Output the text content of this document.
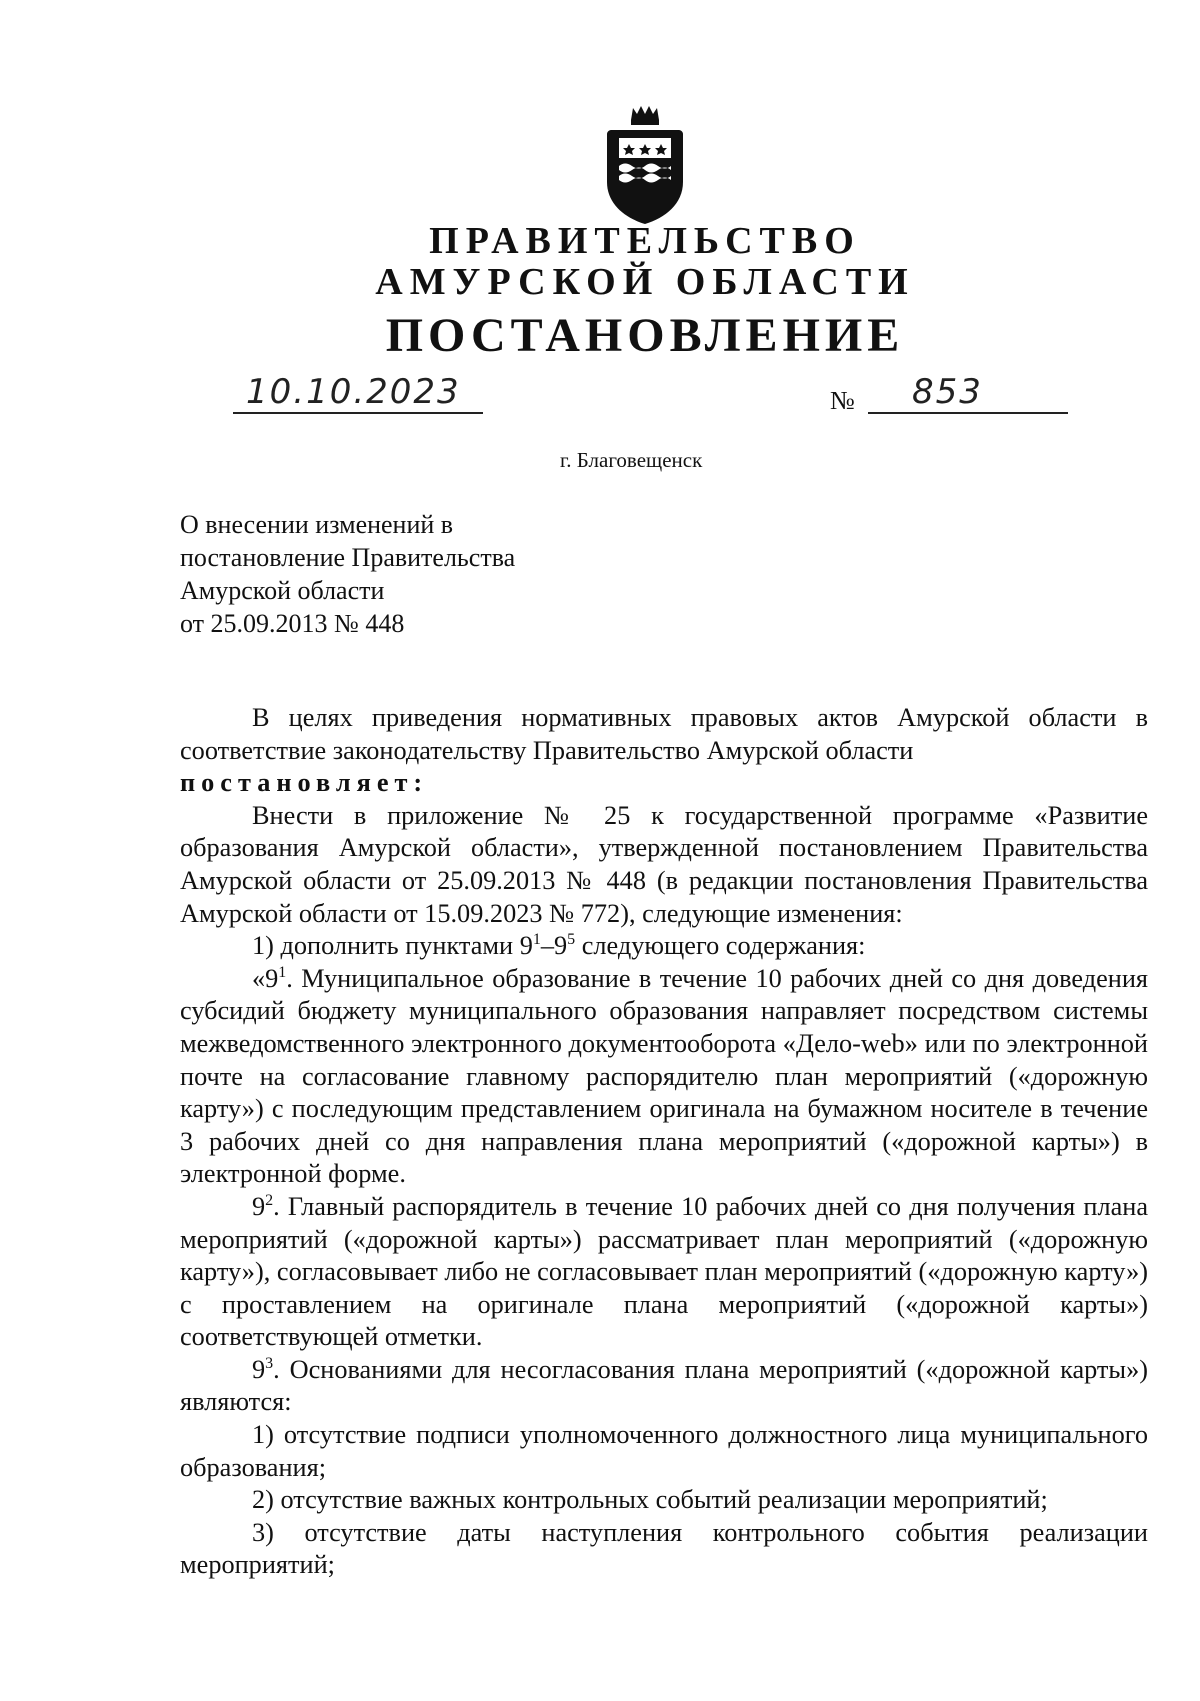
ПРАВИТЕЛЬСТВО
АМУРСКОЙ ОБЛАСТИ
ПОСТАНОВЛЕНИЕ
10.10.2023	№ 853
г. Благовещенск
О внесении изменений в
постановление Правительства
Амурской области
от 25.09.2013 № 448

В целях приведения нормативных правовых актов Амурской области в соответствие законодательству Правительство Амурской области

постановляет:

Внести в приложение № 25 к государственной программе «Развитие образования Амурской области», утвержденной постановлением Правительства Амурской области от 25.09.2013 № 448 (в редакции постановления Правительства Амурской области от 15.09.2023 № 772), следующие изменения:

1) дополнить пунктами $9^1-9^5$ следующего содержания:

«$9^1$. Муниципальное образование в течение 10 рабочих дней со дня доведения субсидий бюджету муниципального образования направляет посредством системы межведомственного электронного документооборота «Дело-web» или по электронной почте на согласование главному распорядителю план мероприятий («дорожную карту») с последующим представлением оригинала на бумажном носителе в течение 3 рабочих дней со дня направления плана мероприятий («дорожной карты») в электронной форме.

$9^2$. Главный распорядитель в течение 10 рабочих дней со дня получения плана мероприятий («дорожной карты») рассматривает план мероприятий («дорожную карту»), согласовывает либо не согласовывает план мероприятий («дорожную карту») с проставлением на оригинале плана мероприятий («дорожной карты») соответствующей отметки.

$9^3$. Основаниями для несогласования плана мероприятий («дорожной карты») являются:

1) отсутствие подписи уполномоченного должностного лица муниципального образования;

2) отсутствие важных контрольных событий реализации мероприятий;

3) отсутствие даты наступления контрольного события реализации мероприятий;
